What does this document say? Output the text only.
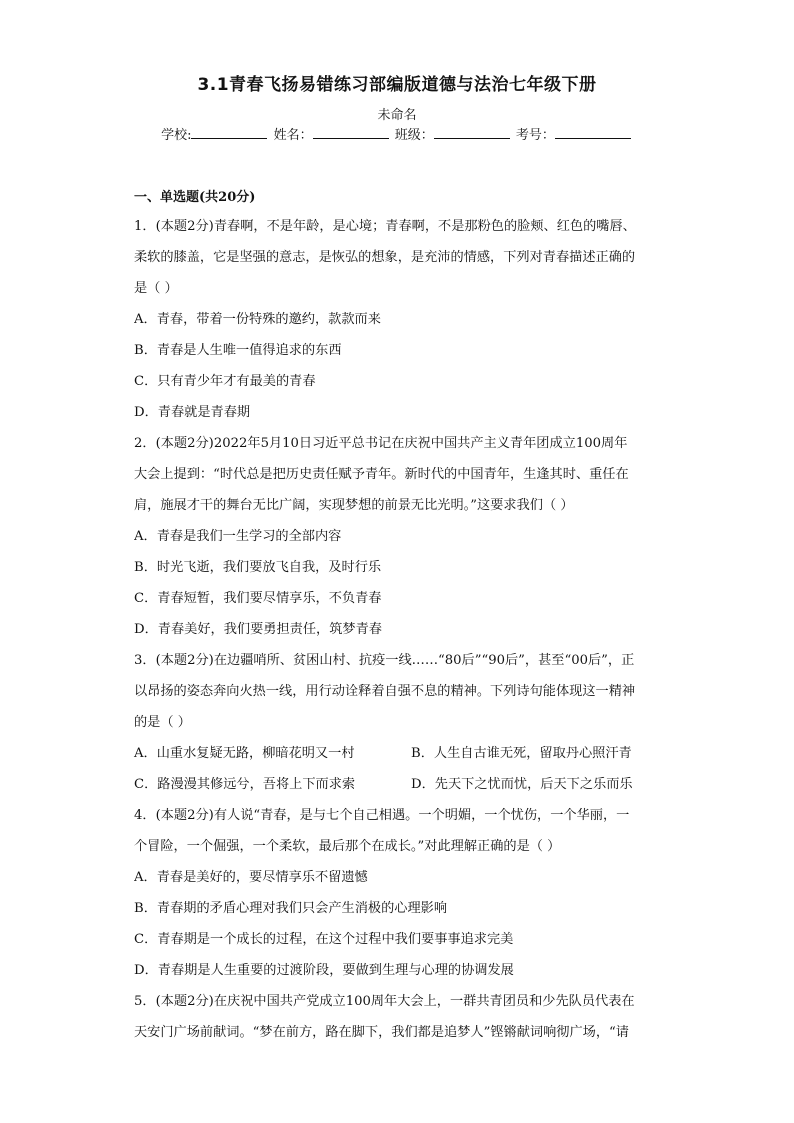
3.1青春飞扬易错练习部编版道德与法治七年级下册
未命名
学校:	姓名：	班级：	考号：
一、单选题(共20分)
1．(本题2分)青春啊，不是年龄，是心境；青春啊，不是那粉色的脸颊、红色的嘴唇、
柔软的膝盖，它是坚强的意志，是恢弘的想象，是充沛的情感，下列对青春描述正确的
是（ ）
A．青春，带着一份特殊的邀约，款款而来
B．青春是人生唯一值得追求的东西
C．只有青少年才有最美的青春
D．青春就是青春期
2．(本题2分)2022年5月10日习近平总书记在庆祝中国共产主义青年团成立100周年
大会上提到：“时代总是把历史责任赋予青年。新时代的中国青年，生逢其时、重任在
肩，施展才干的舞台无比广阔，实现梦想的前景无比光明。”这要求我们（ ）
A．青春是我们一生学习的全部内容
B．时光飞逝，我们要放飞自我，及时行乐
C．青春短暂，我们要尽情享乐，不负青春
D．青春美好，我们要勇担责任，筑梦青春
3．(本题2分)在边疆哨所、贫困山村、抗疫一线……“80后”“90后”，甚至“00后”，正
以昂扬的姿态奔向火热一线，用行动诠释着自强不息的精神。下列诗句能体现这一精神
的是（ ）
A．山重水复疑无路，柳暗花明又一村	B．人生自古谁无死，留取丹心照汗青
C．路漫漫其修远兮，吾将上下而求索	D．先天下之忧而忧，后天下之乐而乐
4．(本题2分)有人说“青春，是与七个自己相遇。一个明媚，一个忧伤，一个华丽，一
个冒险，一个倔强，一个柔软，最后那个在成长。”对此理解正确的是（ ）
A．青春是美好的，要尽情享乐不留遗憾
B．青春期的矛盾心理对我们只会产生消极的心理影响
C．青春期是一个成长的过程，在这个过程中我们要事事追求完美
D．青春期是人生重要的过渡阶段，要做到生理与心理的协调发展
5．(本题2分)在庆祝中国共产党成立100周年大会上，一群共青团员和少先队员代表在
天安门广场前献词。“梦在前方，路在脚下，我们都是追梦人”铿锵献词响彻广场，“请
